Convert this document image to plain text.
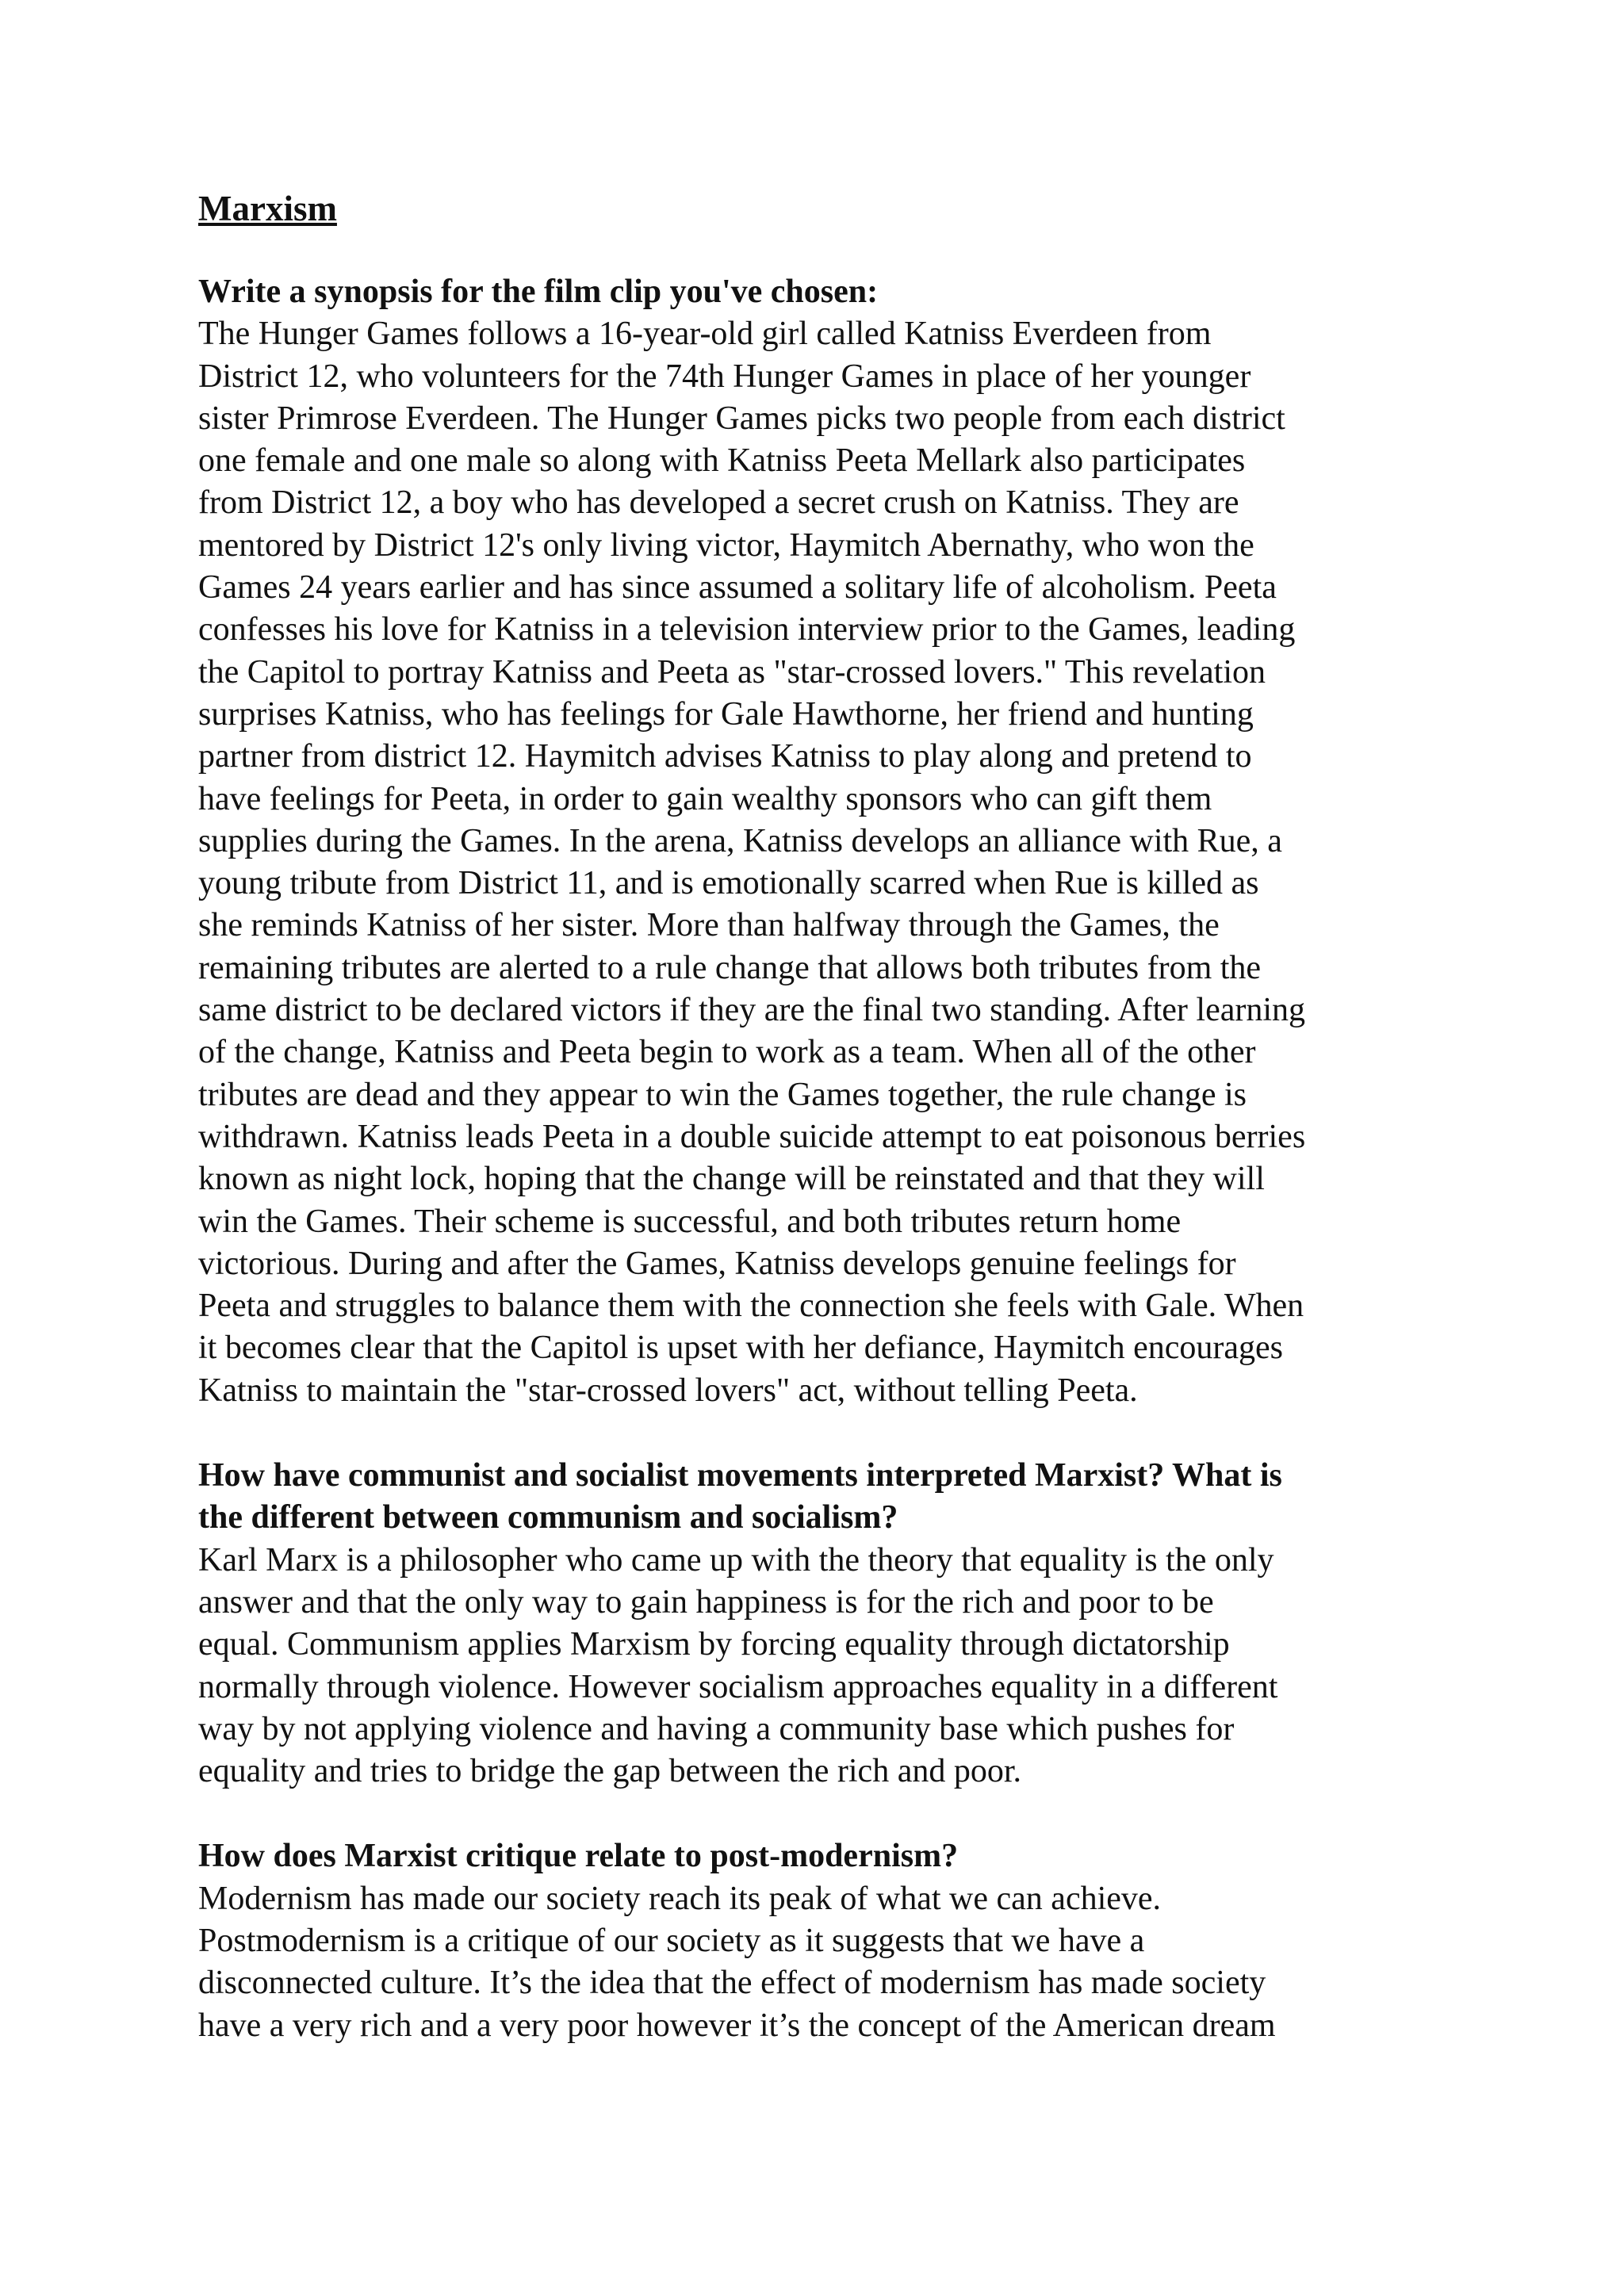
Marxism
Write a synopsis for the film clip you've chosen:
The Hunger Games follows a 16-year-old girl called Katniss Everdeen from
District 12, who volunteers for the 74th Hunger Games in place of her younger
sister Primrose Everdeen. The Hunger Games picks two people from each district
one female and one male so along with Katniss Peeta Mellark also participates
from District 12, a boy who has developed a secret crush on Katniss. They are
mentored by District 12's only living victor, Haymitch Abernathy, who won the
Games 24 years earlier and has since assumed a solitary life of alcoholism. Peeta
confesses his love for Katniss in a television interview prior to the Games, leading
the Capitol to portray Katniss and Peeta as "star-crossed lovers." This revelation
surprises Katniss, who has feelings for Gale Hawthorne, her friend and hunting
partner from district 12. Haymitch advises Katniss to play along and pretend to
have feelings for Peeta, in order to gain wealthy sponsors who can gift them
supplies during the Games. In the arena, Katniss develops an alliance with Rue, a
young tribute from District 11, and is emotionally scarred when Rue is killed as
she reminds Katniss of her sister. More than halfway through the Games, the
remaining tributes are alerted to a rule change that allows both tributes from the
same district to be declared victors if they are the final two standing. After learning
of the change, Katniss and Peeta begin to work as a team. When all of the other
tributes are dead and they appear to win the Games together, the rule change is
withdrawn. Katniss leads Peeta in a double suicide attempt to eat poisonous berries
known as night lock, hoping that the change will be reinstated and that they will
win the Games. Their scheme is successful, and both tributes return home
victorious. During and after the Games, Katniss develops genuine feelings for
Peeta and struggles to balance them with the connection she feels with Gale. When
it becomes clear that the Capitol is upset with her defiance, Haymitch encourages
Katniss to maintain the "star-crossed lovers" act, without telling Peeta.
How have communist and socialist movements interpreted Marxist? What is
the different between communism and socialism?
Karl Marx is a philosopher who came up with the theory that equality is the only
answer and that the only way to gain happiness is for the rich and poor to be
equal. Communism applies Marxism by forcing equality through dictatorship
normally through violence. However socialism approaches equality in a different
way by not applying violence and having a community base which pushes for
equality and tries to bridge the gap between the rich and poor.
How does Marxist critique relate to post-modernism?
Modernism has made our society reach its peak of what we can achieve.
Postmodernism is a critique of our society as it suggests that we have a
disconnected culture. It’s the idea that the effect of modernism has made society
have a very rich and a very poor however it’s the concept of the American dream
